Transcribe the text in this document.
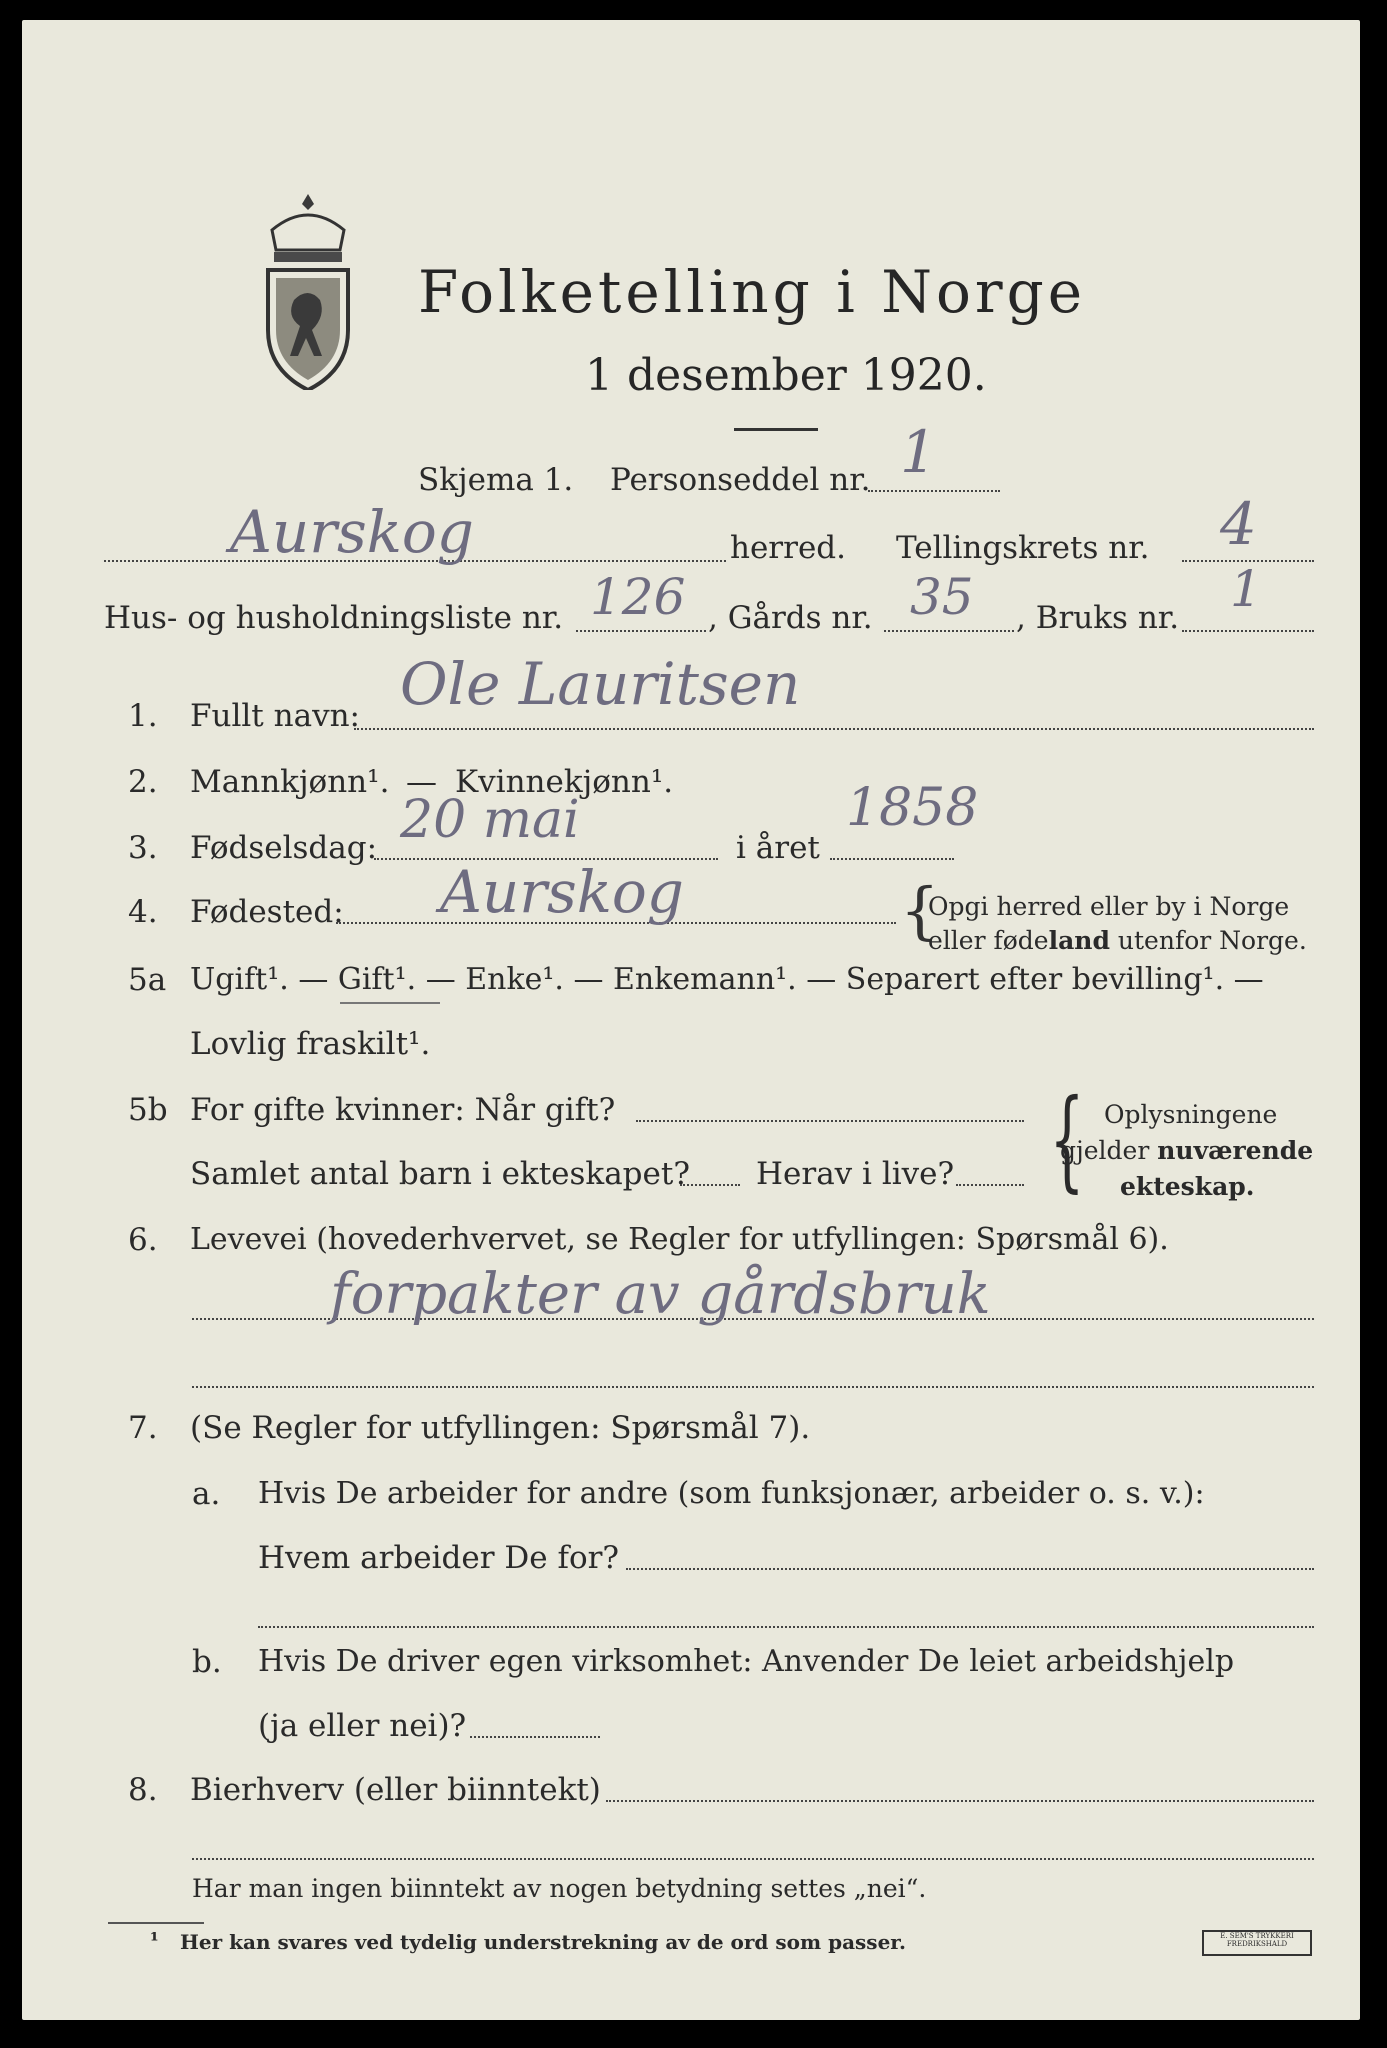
Folketelling i Norge
1 desember 1920.
Skjema 1. Personseddel nr. 1
Aurskog	herred. Tellingskrets nr. 4
Hus- og husholdningsliste nr. 126 , Gårds nr. 35 , Bruks nr. 1
1. Fullt navn: Ole Lauritsen
2. Mannkjønn¹. — Kvinnekjønn¹.
3. Fødselsdag: 20 mai	i året
1858
4. Fødested: Aurskog	{
Opgi herred eller by i Norge
eller fødeland utenfor Norge.
5a Ugift¹. — Gift¹. — Enke¹. — Enkemann¹. — Separert efter bevilling¹. —
Lovlig fraskilt¹.
5b For gifte kvinner: Når gift?
Samlet antal barn i ekteskapet? Herav i live? { Oplysningene
gjelder nuværende
ekteskap.
6. Levevei (hovederhvervet, se Regler for utfyllingen: Spørsmål 6).
forpakter av gårdsbruk
7. (Se Regler for utfyllingen: Spørsmål 7).
a. Hvis De arbeider for andre (som funksjonær, arbeider o. s. v.):
Hvem arbeider De for?
b. Hvis De driver egen virksomhet: Anvender De leiet arbeidshjelp
(ja eller nei)?
8. Bierhverv (eller biinntekt)
Har man ingen biinntekt av nogen betydning settes „nei“.
¹ Her kan svares ved tydelig understrekning av de ord som passer.	E. SEM'S TRYKKERI
FREDRIKSHALD
